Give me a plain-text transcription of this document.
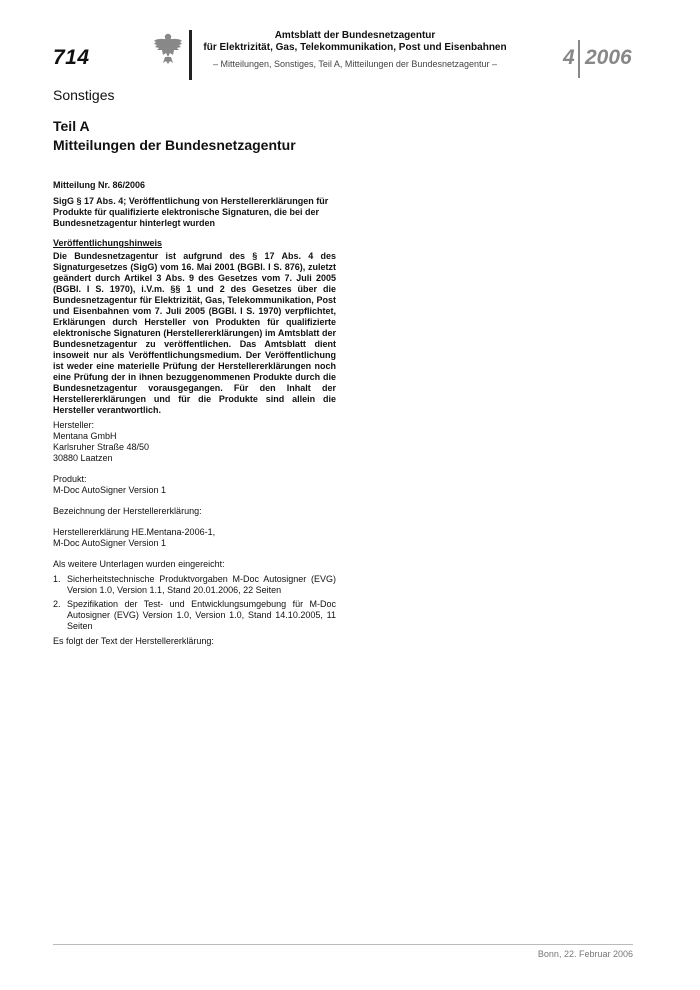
714
Amtsblatt der Bundesnetzagentur
für Elektrizität, Gas, Telekommunikation, Post und Eisenbahnen
– Mitteilungen, Sonstiges, Teil A, Mitteilungen der Bundesnetzagentur –	4 2006
Sonstiges
Teil A
Mitteilungen der Bundesnetzagentur
Mitteilung Nr. 86/2006
SigG § 17 Abs. 4; Veröffentlichung von Herstellererklärungen für Produkte für qualifizierte elektronische Signaturen, die bei der Bundesnetzagentur hinterlegt wurden
Veröffentlichungshinweis
Die Bundesnetzagentur ist aufgrund des § 17 Abs. 4 des Signaturgesetzes (SigG) vom 16. Mai 2001 (BGBl. I S. 876), zuletzt geändert durch Artikel 3 Abs. 9 des Gesetzes vom 7. Juli 2005 (BGBl. I S. 1970), i.V.m. §§ 1 und 2 des Gesetzes über die Bundesnetzagentur für Elektrizität, Gas, Telekommunikation, Post und Eisenbahnen vom 7. Juli 2005 (BGBl. I S. 1970) verpflichtet, Erklärungen durch Hersteller von Produkten für qualifizierte elektronische Signaturen (Herstellererklärungen) im Amtsblatt der Bundesnetzagentur zu veröffentlichen. Das Amtsblatt dient insoweit nur als Veröffentlichungsmedium. Der Veröffentlichung ist weder eine materielle Prüfung der Herstellererklärungen noch eine Prüfung der in ihnen bezuggenommenen Produkte durch die Bundesnetzagentur vorausgegangen. Für den Inhalt der Herstellererklärungen und für die Produkte sind allein die Hersteller verantwortlich.
Hersteller:
Mentana GmbH
Karlsruher Straße 48/50
30880 Laatzen
Produkt:
M-Doc AutoSigner Version 1
Bezeichnung der Herstellererklärung:
Herstellererklärung HE.Mentana-2006-1,
M-Doc AutoSigner Version 1
Als weitere Unterlagen wurden eingereicht:
1. Sicherheitstechnische Produktvorgaben M-Doc Autosigner (EVG) Version 1.0, Version 1.1, Stand 20.01.2006, 22 Seiten
2. Spezifikation der Test- und Entwicklungsumgebung für M-Doc Autosigner (EVG) Version 1.0, Version 1.0, Stand 14.10.2005, 11 Seiten
Es folgt der Text der Herstellererklärung:
Bonn, 22. Februar 2006
